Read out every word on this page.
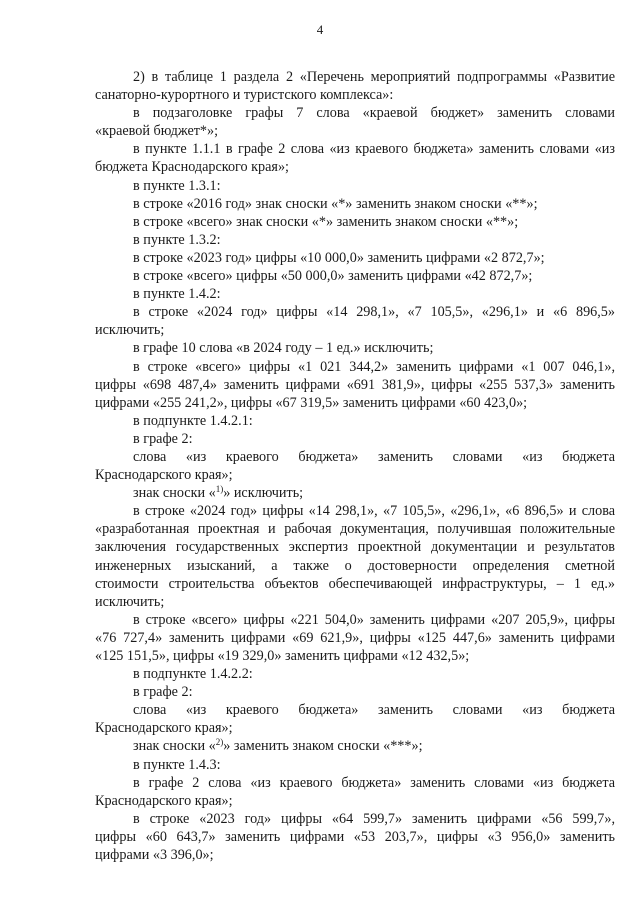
4
2) в таблице 1 раздела 2 «Перечень мероприятий подпрограммы «Развитие
санаторно-курортного и туристского комплекса»:
в подзаголовке графы 7 слова «краевой бюджет» заменить словами
«краевой бюджет*»;
в пункте 1.1.1 в графе 2 слова «из краевого бюджета» заменить словами «из
бюджета Краснодарского края»;
в пункте 1.3.1:
в строке «2016 год» знак сноски «*» заменить знаком сноски «**»;
в строке «всего» знак сноски «*» заменить знаком сноски «**»;
в пункте 1.3.2:
в строке «2023 год» цифры «10 000,0» заменить цифрами «2 872,7»;
в строке «всего» цифры «50 000,0» заменить цифрами «42 872,7»;
в пункте 1.4.2:
в строке «2024 год» цифры «14 298,1», «7 105,5», «296,1» и «6 896,5»
исключить;
в графе 10 слова «в 2024 году – 1 ед.» исключить;
в строке «всего» цифры «1 021 344,2» заменить цифрами «1 007 046,1»,
цифры «698 487,4» заменить цифрами «691 381,9», цифры «255 537,3» заменить
цифрами «255 241,2», цифры «67 319,5» заменить цифрами «60 423,0»;
в подпункте 1.4.2.1:
в графе 2:
слова «из краевого бюджета» заменить словами «из бюджета
Краснодарского края»;
знак сноски «$^{1)}$» исключить;
в строке «2024 год» цифры «14 298,1», «7 105,5», «296,1», «6 896,5» и слова
«разработанная проектная и рабочая документация, получившая положительные
заключения государственных экспертиз проектной документации и результатов
инженерных изысканий, а также о достоверности определения сметной
стоимости строительства объектов обеспечивающей инфраструктуры, – 1 ед.»
исключить;
в строке «всего» цифры «221 504,0» заменить цифрами «207 205,9», цифры
«76 727,4» заменить цифрами «69 621,9», цифры «125 447,6» заменить цифрами
«125 151,5», цифры «19 329,0» заменить цифрами «12 432,5»;
в подпункте 1.4.2.2:
в графе 2:
слова «из краевого бюджета» заменить словами «из бюджета
Краснодарского края»;
знак сноски «$^{2)}$» заменить знаком сноски «***»;
в пункте 1.4.3:
в графе 2 слова «из краевого бюджета» заменить словами «из бюджета
Краснодарского края»;
в строке «2023 год» цифры «64 599,7» заменить цифрами «56 599,7»,
цифры «60 643,7» заменить цифрами «53 203,7», цифры «3 956,0» заменить
цифрами «3 396,0»;
